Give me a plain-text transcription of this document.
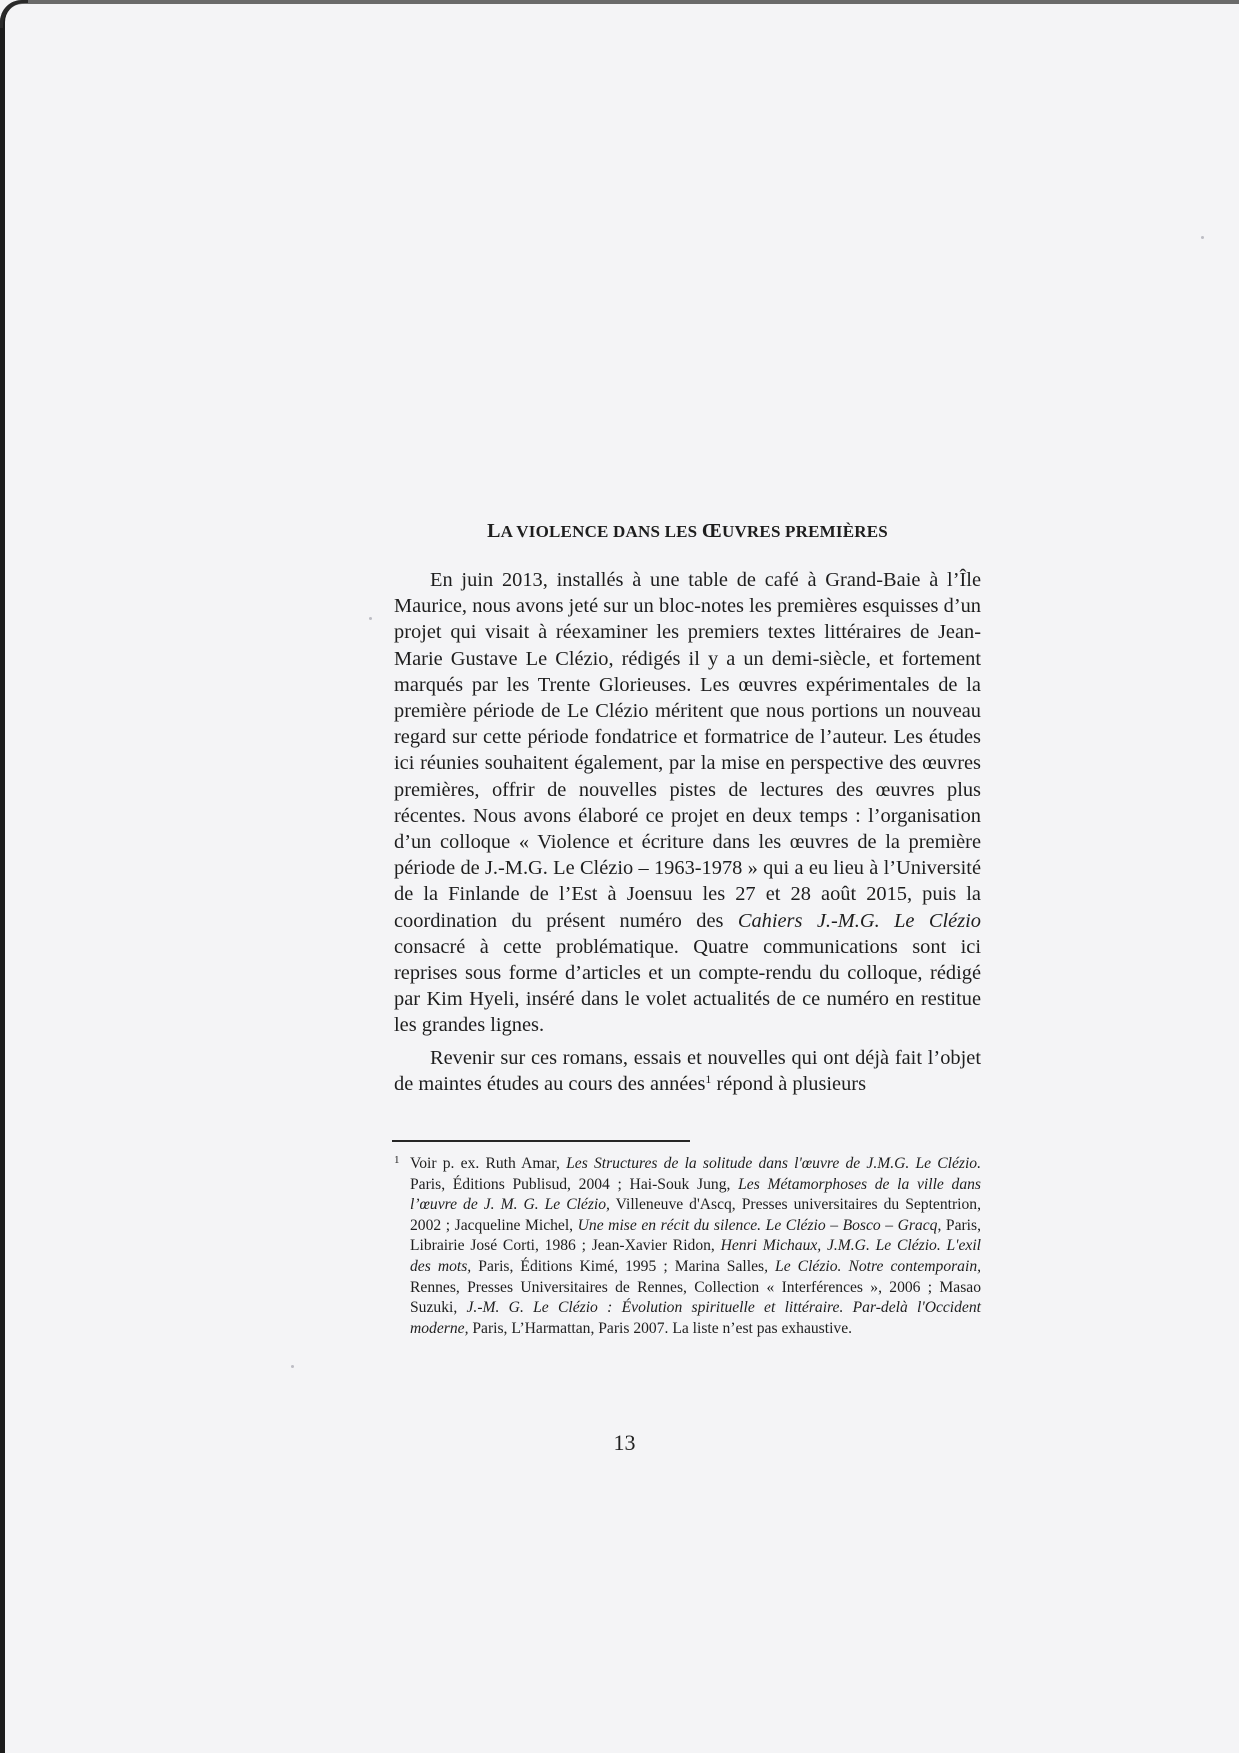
LA VIOLENCE DANS LES ŒUVRES PREMIÈRES

En juin 2013, installés à une table de café à Grand-Baie à l’Île Maurice, nous avons jeté sur un bloc-notes les premières esquisses d’un projet qui visait à réexaminer les premiers textes littéraires de Jean-Marie Gustave Le Clézio, rédigés il y a un demi-siècle, et fortement marqués par les Trente Glorieuses. Les œuvres expérimentales de la première période de Le Clézio méritent que nous portions un nouveau regard sur cette période fondatrice et formatrice de l’auteur. Les études ici réunies souhaitent également, par la mise en perspective des œuvres premières, offrir de nouvelles pistes de lectures des œuvres plus récentes. Nous avons élaboré ce projet en deux temps : l’organisation d’un colloque « Violence et écriture dans les œuvres de la première période de J.-M.G. Le Clézio – 1963-1978 » qui a eu lieu à l’Université de la Finlande de l’Est à Joensuu les 27 et 28 août 2015, puis la coordination du présent numéro des Cahiers J.-M.G. Le Clézio consacré à cette problématique. Quatre communications sont ici reprises sous forme d’articles et un compte-rendu du colloque, rédigé par Kim Hyeli, inséré dans le volet actualités de ce numéro en restitue les grandes lignes.

Revenir sur ces romans, essais et nouvelles qui ont déjà fait l’objet de maintes études au cours des années$^1$ répond à plusieurs

1 Voir p. ex. Ruth Amar, Les Structures de la solitude dans l'œuvre de J.M.G. Le Clézio. Paris, Éditions Publisud, 2004 ; Hai-Souk Jung, Les Métamorphoses de la ville dans l’œuvre de J. M. G. Le Clézio, Villeneuve d'Ascq, Presses universitaires du Septentrion, 2002 ; Jacqueline Michel, Une mise en récit du silence. Le Clézio – Bosco – Gracq, Paris, Librairie José Corti, 1986 ; Jean-Xavier Ridon, Henri Michaux, J.M.G. Le Clézio. L'exil des mots, Paris, Éditions Kimé, 1995 ; Marina Salles, Le Clézio. Notre contemporain, Rennes, Presses Universitaires de Rennes, Collection « Interférences », 2006 ; Masao Suzuki, J.-M. G. Le Clézio : Évolution spirituelle et littéraire. Par-delà l'Occident moderne, Paris, L’Harmattan, Paris 2007. La liste n’est pas exhaustive.

13
